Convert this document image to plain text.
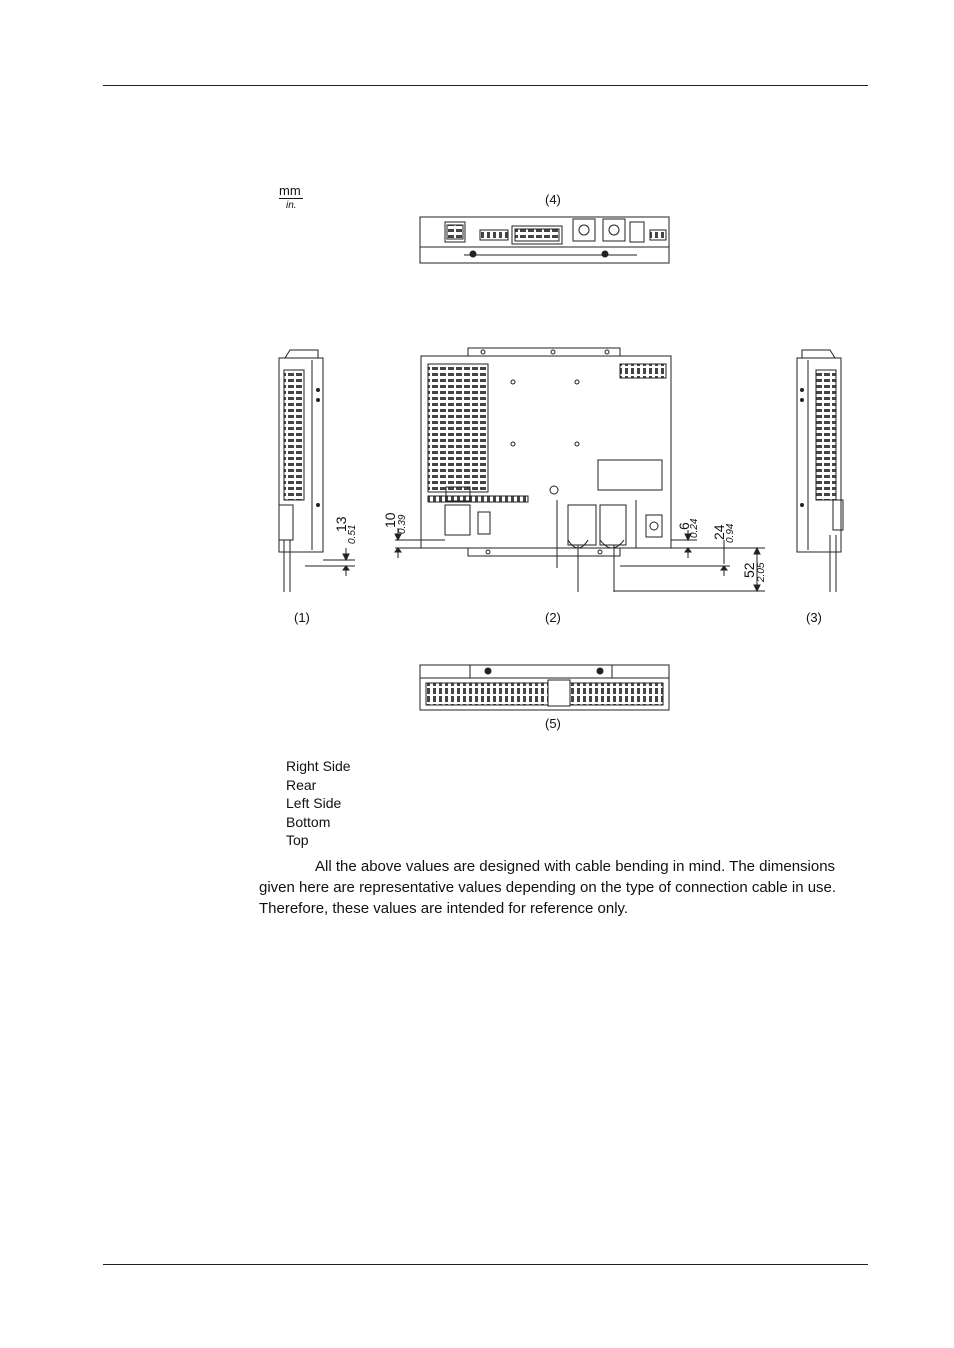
mm
in.	(4)
(1)	(2)	(3)
(5)
13
0.51
10 0.39	6
0.24 24
0.94
52 2.05
Right Side
Rear
Left Side
Bottom
Top
All the above values are designed with cable bending in mind. The dimensions given here are representative values depending on the type of connection cable in use. Therefore, these values are intended for reference only.
